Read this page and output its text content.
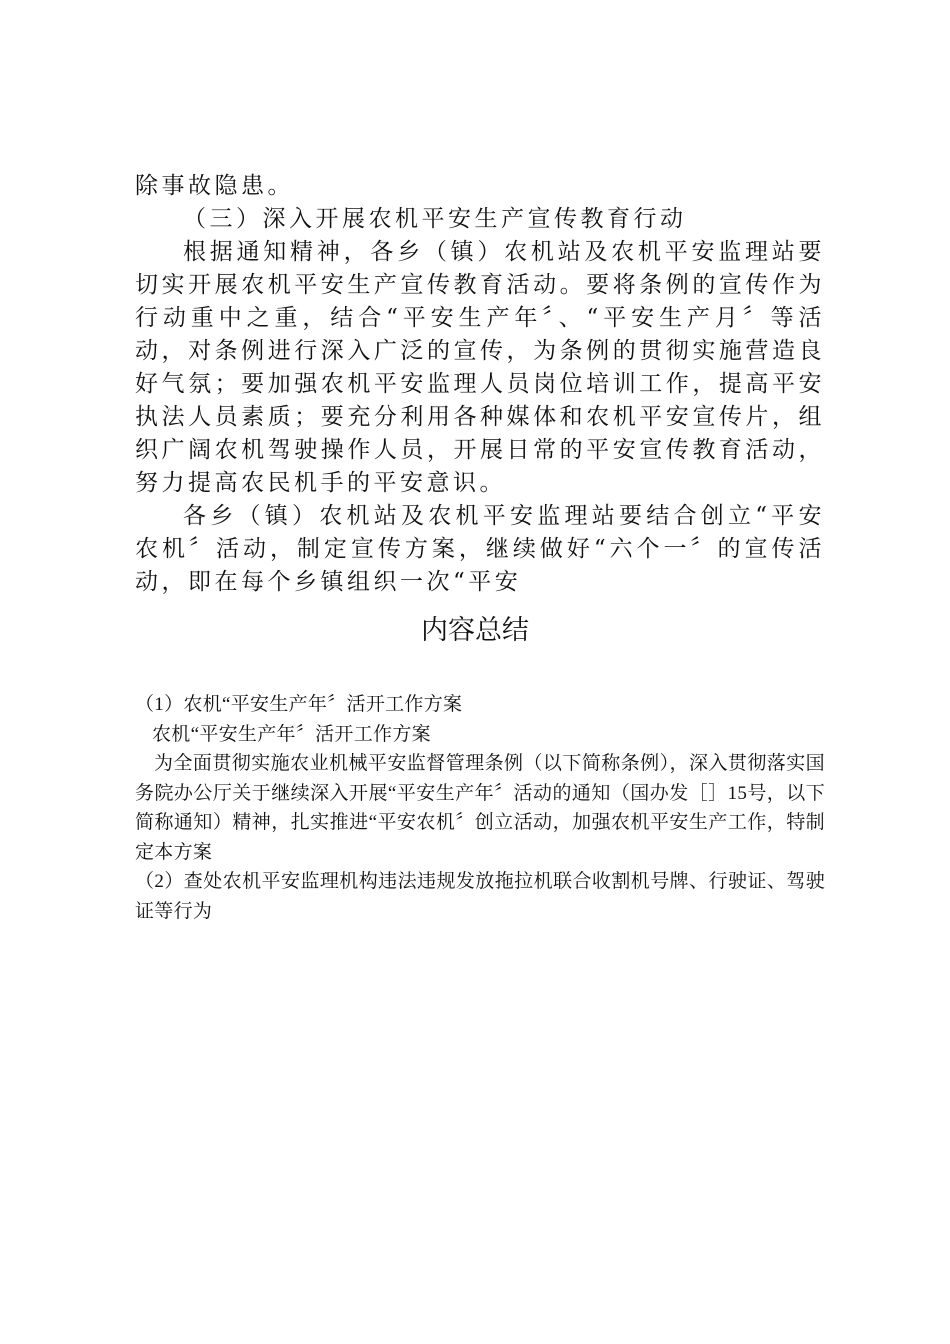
除事故隐患。

（三）深入开展农机平安生产宣传教育行动

根据通知精神，各乡（镇）农机站及农机平安监理站要切实开展农机平安生产宣传教育活动。要将条例的宣传作为行动重中之重，结合“平安生产年〞、“平安生产月〞等活动，对条例进行深入广泛的宣传，为条例的贯彻实施营造良好气氛；要加强农机平安监理人员岗位培训工作，提高平安执法人员素质；要充分利用各种媒体和农机平安宣传片，组织广阔农机驾驶操作人员，开展日常的平安宣传教育活动，努力提高农民机手的平安意识。

各乡（镇）农机站及农机平安监理站要结合创立“平安农机〞活动，制定宣传方案，继续做好“六个一〞的宣传活动，即在每个乡镇组织一次“平安

内容总结

（1）农机“平安生产年〞活开工作方案

农机“平安生产年〞活开工作方案

为全面贯彻实施农业机械平安监督管理条例（以下简称条例），深入贯彻落实国务院办公厅关于继续深入开展“平安生产年〞活动的通知（国办发［］15号，以下简称通知）精神，扎实推进“平安农机〞创立活动，加强农机平安生产工作，特制定本方案

（2）查处农机平安监理机构违法违规发放拖拉机联合收割机号牌、行驶证、驾驶证等行为
